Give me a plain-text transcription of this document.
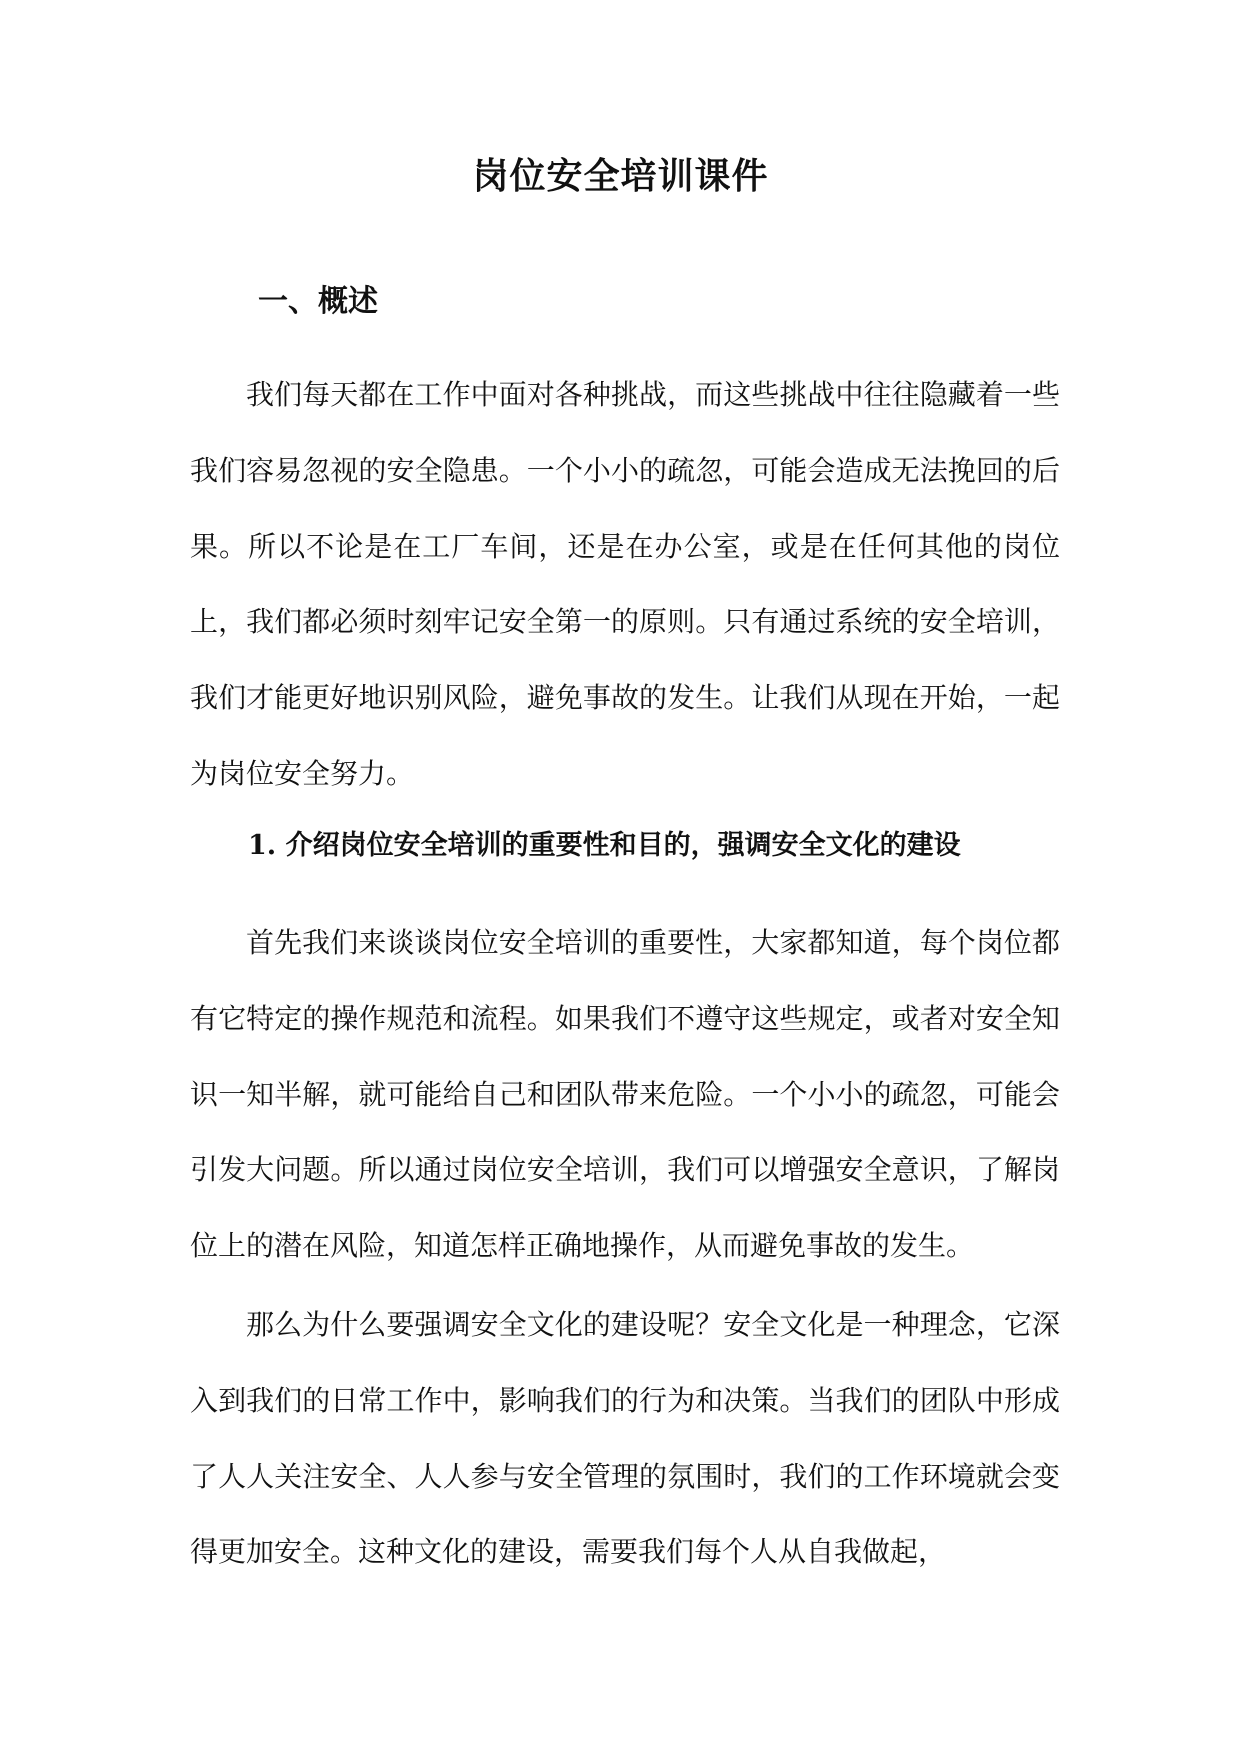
岗位安全培训课件
一、概述

我们每天都在工作中面对各种挑战，而这些挑战中往往隐藏着一些我们容易忽视的安全隐患。一个小小的疏忽，可能会造成无法挽回的后果。所以不论是在工厂车间，还是在办公室，或是在任何其他的岗位上，我们都必须时刻牢记安全第一的原则。只有通过系统的安全培训，我们才能更好地识别风险，避免事故的发生。让我们从现在开始，一起为岗位安全努力。

1. 介绍岗位安全培训的重要性和目的，强调安全文化的建设

首先我们来谈谈岗位安全培训的重要性，大家都知道，每个岗位都有它特定的操作规范和流程。如果我们不遵守这些规定，或者对安全知识一知半解，就可能给自己和团队带来危险。一个小小的疏忽，可能会引发大问题。所以通过岗位安全培训，我们可以增强安全意识，了解岗位上的潜在风险，知道怎样正确地操作，从而避免事故的发生。

那么为什么要强调安全文化的建设呢？安全文化是一种理念，它深入到我们的日常工作中，影响我们的行为和决策。当我们的团队中形成了人人关注安全、人人参与安全管理的氛围时，我们的工作环境就会变得更加安全。这种文化的建设，需要我们每个人从自我做起，
